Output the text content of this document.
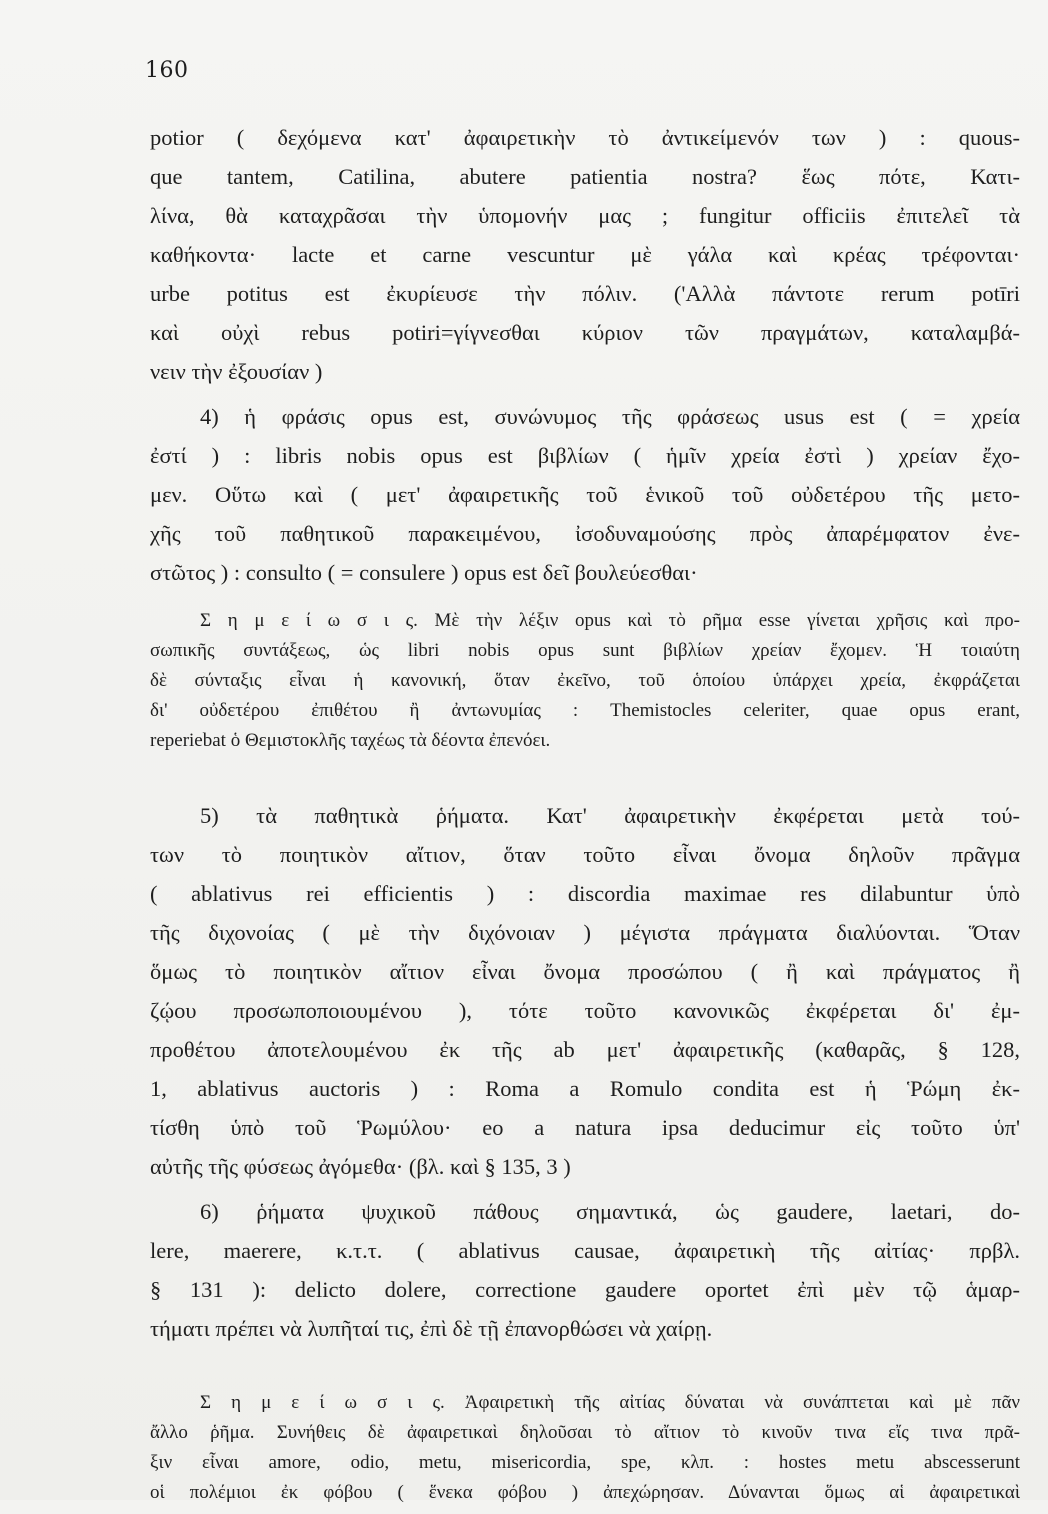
160
potior ( δεχόμενα κατ' ἀφαιρετικὴν τὸ ἀντικείμενόν των ) : quous-
que tantem, Catilina, abutere patientia nostra? ἕως πότε, Κατι-
λίνα, θὰ καταχρᾶσαι τὴν ὑπομονήν μας ; fungitur officiis ἐπιτελεῖ τὰ
καθήκοντα· lacte et carne vescuntur μὲ γάλα καὶ κρέας τρέφονται·
urbe potitus est ἐκυρίευσε τὴν πόλιν. ('Αλλὰ πάντοτε rerum potīri
καὶ οὐχὶ rebus potiri=γίγνεσθαι κύριον τῶν πραγμάτων, καταλαμβά-
νειν τὴν ἐξουσίαν )
4) ἡ φράσις opus est, συνώνυμος τῆς φράσεως usus est ( = χρεία
ἐστί ) : libris nobis opus est βιβλίων ( ἡμῖν χρεία ἐστὶ ) χρείαν ἔχο-
μεν. Οὕτω καὶ ( μετ' ἀφαιρετικῆς τοῦ ἑνικοῦ τοῦ οὐδετέρου τῆς μετο-
χῆς τοῦ παθητικοῦ παρακειμένου, ἰσοδυναμούσης πρὸς ἀπαρέμφατον ἐνε-
στῶτος ) : consulto ( = consulere ) opus est δεῖ βουλεύεσθαι·
Σ η μ ε ί ω σ ι ς. Μὲ τὴν λέξιν opus καὶ τὸ ρῆμα esse γίνεται χρῆσις καὶ προ-
σωπικῆς συντάξεως, ὡς libri nobis opus sunt βιβλίων χρείαν ἔχομεν. Ἡ τοιαύτη
δὲ σύνταξις εἶναι ἡ κανονική, ὅταν ἐκεῖνο, τοῦ ὁποίου ὑπάρχει χρεία, ἐκφράζεται
δι' οὐδετέρου ἐπιθέτου ἢ ἀντωνυμίας : Themistocles celeriter, quae opus erant,
reperiebat ὁ Θεμιστοκλῆς ταχέως τὰ δέοντα ἐπενόει.
5) τὰ παθητικὰ ῥήματα. Κατ' ἀφαιρετικὴν ἐκφέρεται μετὰ τού-
των τὸ ποιητικὸν αἴτιον, ὅταν τοῦτο εἶναι ὄνομα δηλοῦν πρᾶγμα
( ablativus rei efficientis ) : discordia maximae res dilabuntur ὑπὸ
τῆς διχονοίας ( μὲ τὴν διχόνοιαν ) μέγιστα πράγματα διαλύονται. Ὅταν
ὅμως τὸ ποιητικὸν αἴτιον εἶναι ὄνομα προσώπου ( ἢ καὶ πράγματος ἢ
ζῴου προσωποποιουμένου ), τότε τοῦτο κανονικῶς ἐκφέρεται δι' ἐμ-
προθέτου ἀποτελουμένου ἐκ τῆς ab μετ' ἀφαιρετικῆς (καθαρᾶς, § 128,
1, ablativus auctoris ) : Roma a Romulo condita est ἡ Ῥώμη ἐκ-
τίσθη ὑπὸ τοῦ Ῥωμύλου· eo a natura ipsa deducimur εἰς τοῦτο ὑπ'
αὐτῆς τῆς φύσεως ἀγόμεθα· (βλ. καὶ § 135, 3 )
6) ῥήματα ψυχικοῦ πάθους σημαντικά, ὡς gaudere, laetari, do-
lere, maerere, κ.τ.τ. ( ablativus causae, ἀφαιρετικὴ τῆς αἰτίας· πρβλ.
§ 131 ): delicto dolere, correctione gaudere oportet ἐπὶ μὲν τῷ ἁμαρ-
τήματι πρέπει νὰ λυπῆταί τις, ἐπὶ δὲ τῇ ἐπανορθώσει νὰ χαίρῃ.
Σ η μ ε ί ω σ ι ς. Ἀφαιρετικὴ τῆς αἰτίας δύναται νὰ συνάπτεται καὶ μὲ πᾶν
ἄλλο ῥῆμα. Συνήθεις δὲ ἀφαιρετικαὶ δηλοῦσαι τὸ αἴτιον τὸ κινοῦν τινα εἴς τινα πρᾶ-
ξιν εἶναι amore, odio, metu, misericordia, spe, κλπ. : hostes metu abscesserunt
οἱ πολέμιοι ἐκ φόβου ( ἕνεκα φόβου ) ἀπεχώρησαν. Δύνανται ὅμως αἱ ἀφαιρετικαὶ
